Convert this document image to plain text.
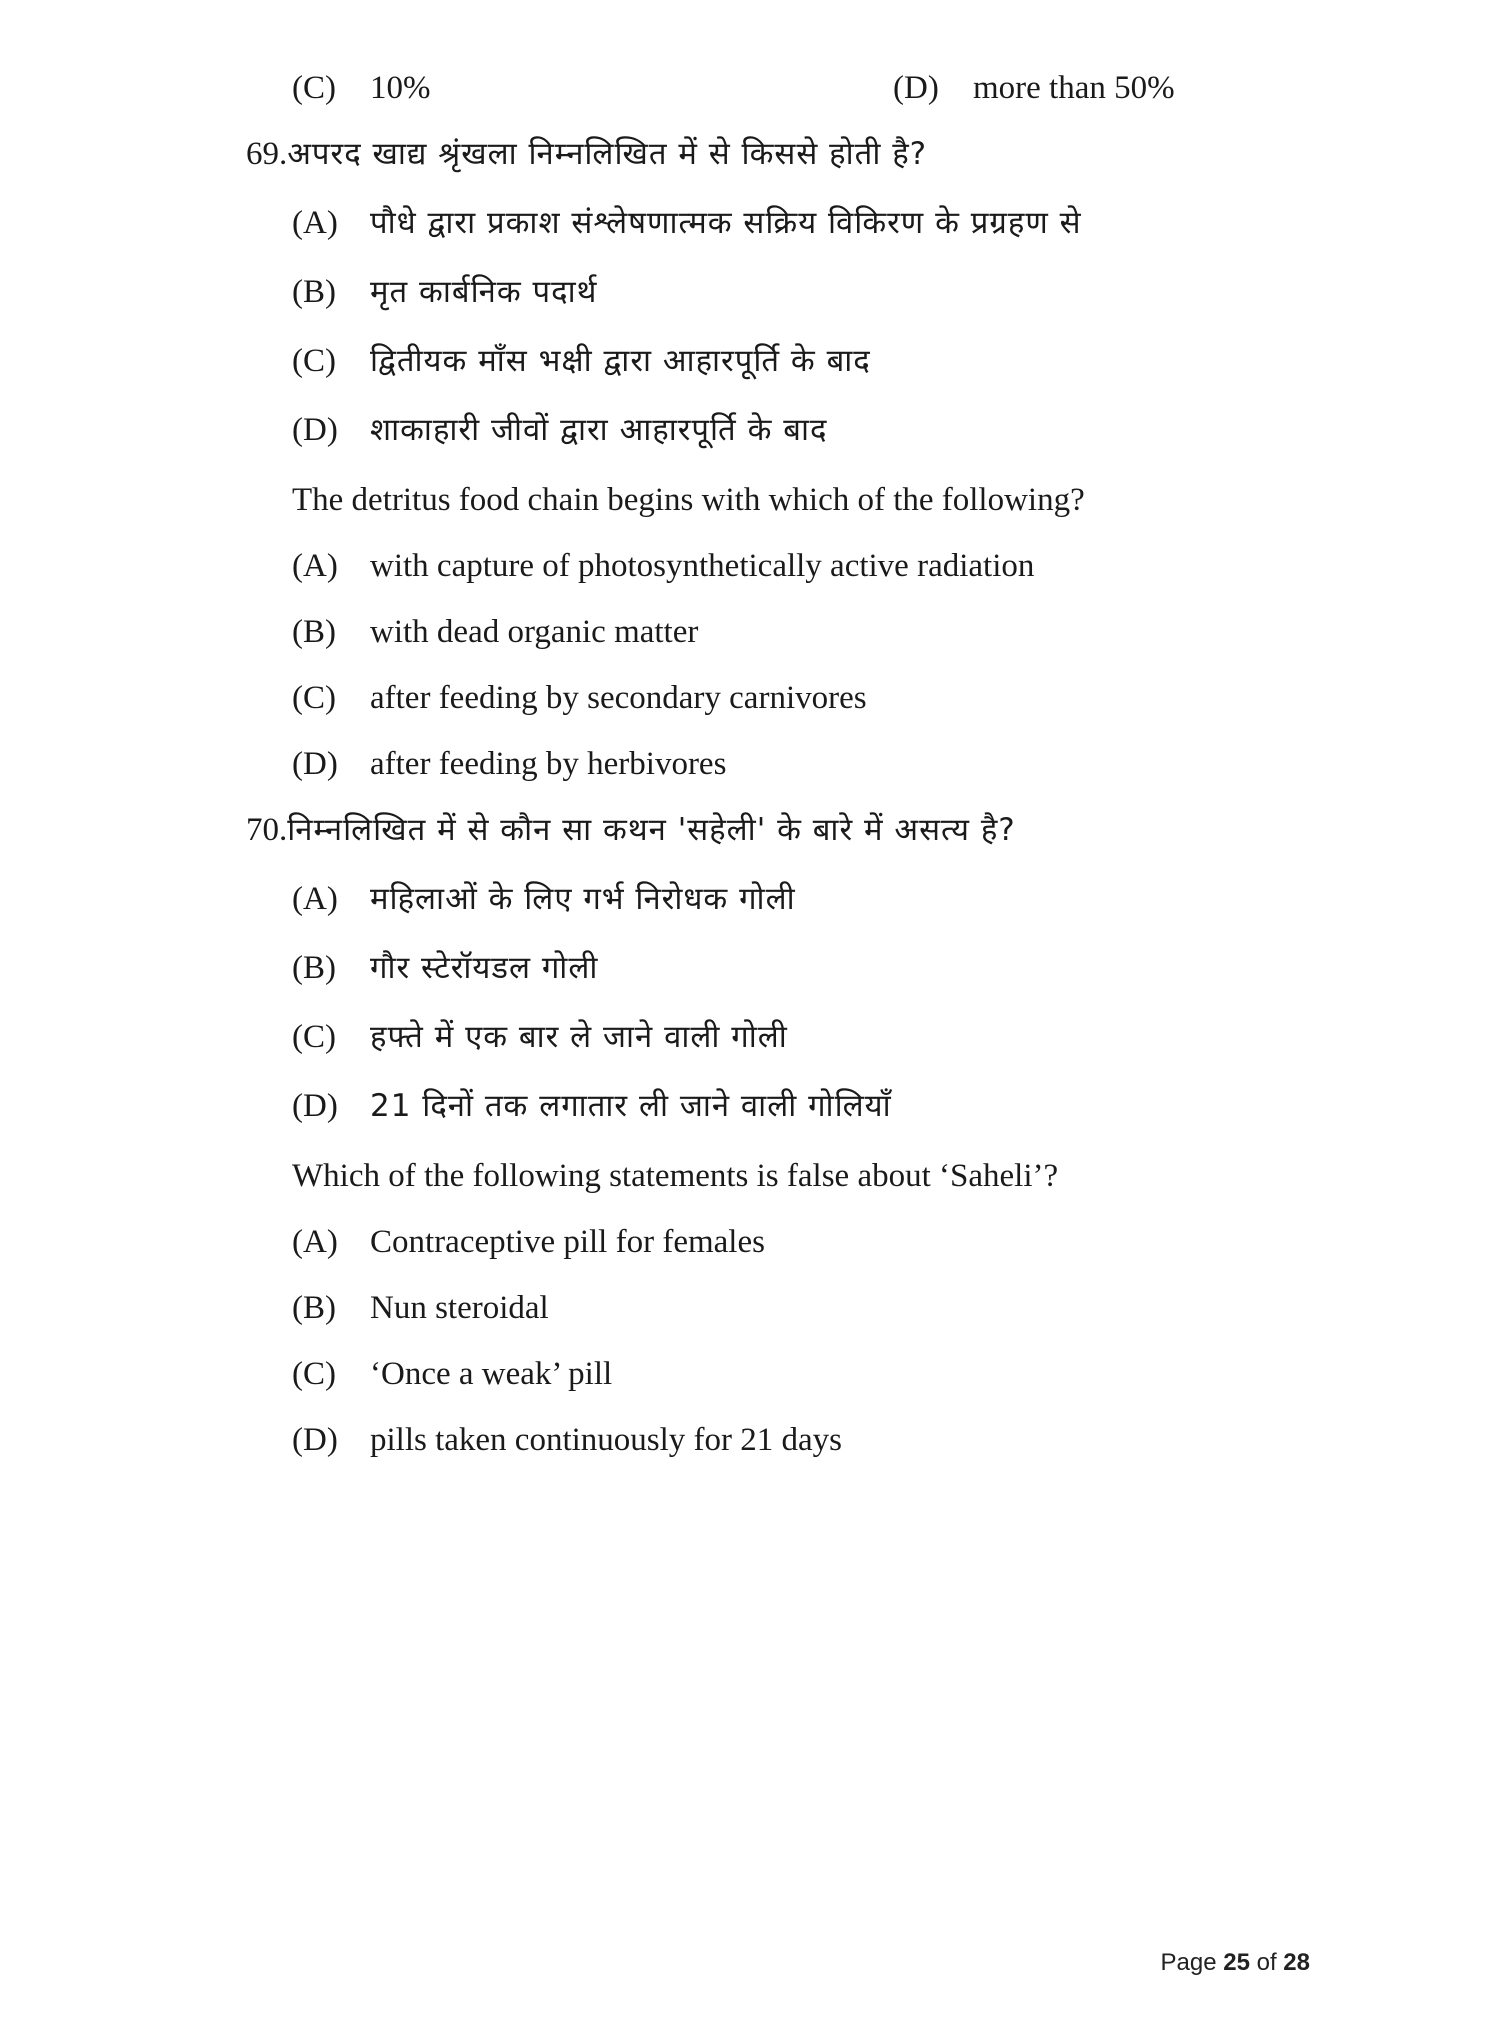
(C) 10%	(D) more than 50%
69.अपरद खाद्य श्रृंखला निम्नलिखित में से किससे होती है?
(A) पौधे द्वारा प्रकाश संश्लेषणात्मक सक्रिय विकिरण के प्रग्रहण से
(B) मृत कार्बनिक पदार्थ
(C) द्वितीयक माँस भक्षी द्वारा आहारपूर्ति के बाद
(D) शाकाहारी जीवों द्वारा आहारपूर्ति के बाद
The detritus food chain begins with which of the following?
(A) with capture of photosynthetically active radiation
(B) with dead organic matter
(C) after feeding by secondary carnivores
(D) after feeding by herbivores
70.निम्नलिखित में से कौन सा कथन 'सहेली' के बारे में असत्य है?
(A) महिलाओं के लिए गर्भ निरोधक गोली
(B) गौर स्टेरॉयडल गोली
(C) हफ्ते में एक बार ले जाने वाली गोली
(D) 21 दिनों तक लगातार ली जाने वाली गोलियाँ
Which of the following statements is false about ‘Saheli’?
(A) Contraceptive pill for females
(B) Nun steroidal
(C) ‘Once a weak’ pill
(D) pills taken continuously for 21 days
Page 25 of 28
